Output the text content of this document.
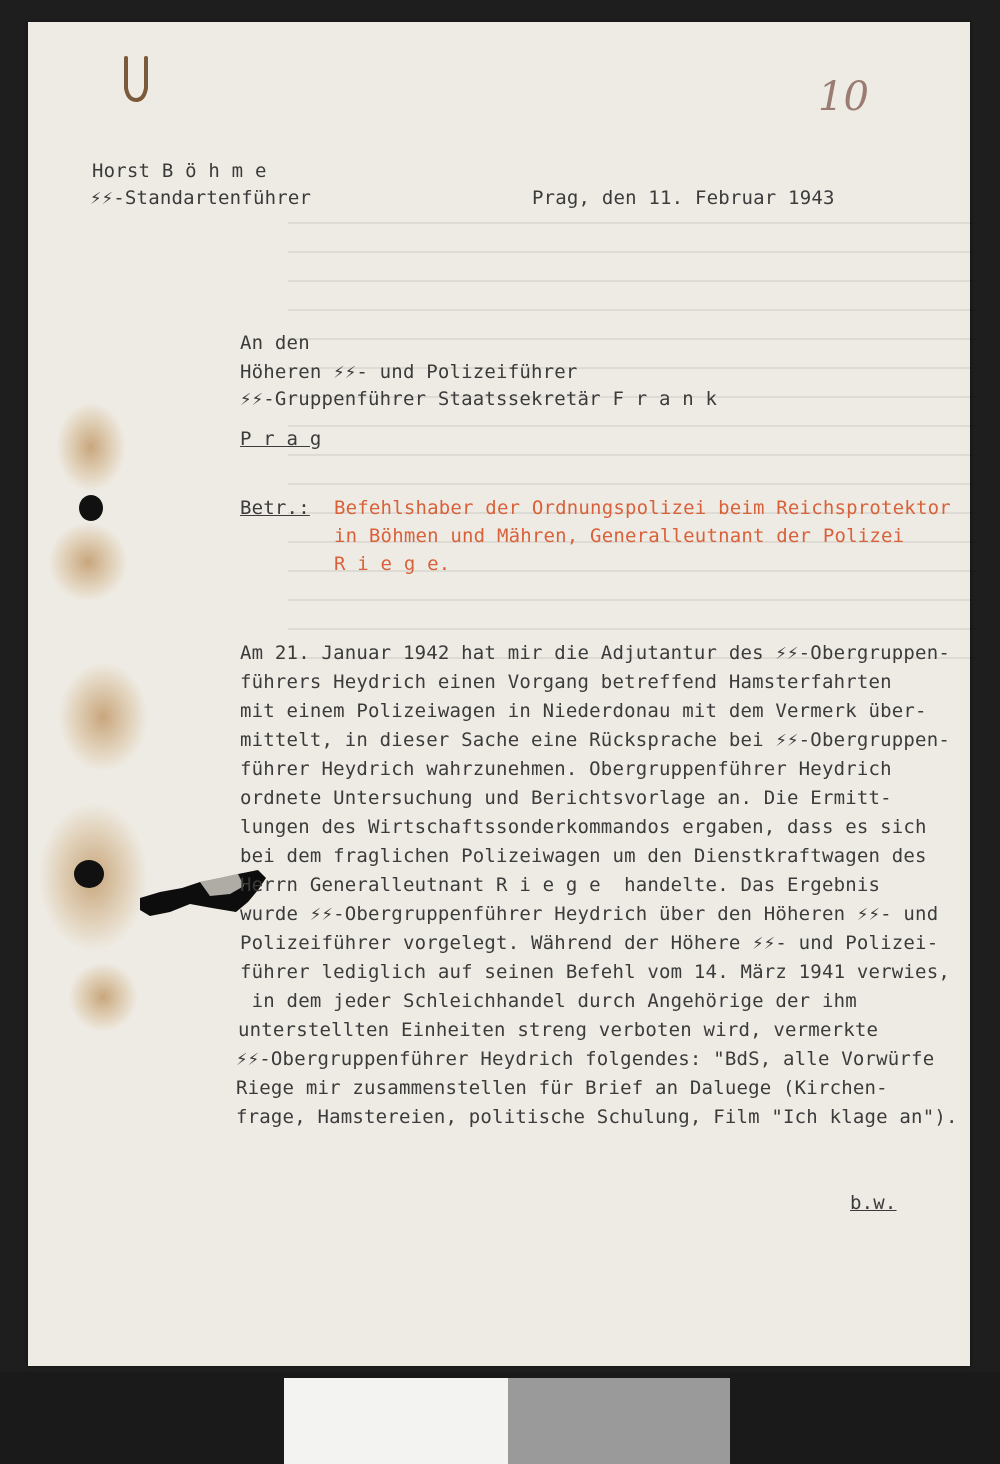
10
Horst B ö h m e
⚡⚡-Standartenführer	Prag, den 11. Februar 1943
An den
Höheren ⚡⚡- und Polizeiführer
⚡⚡-Gruppenführer Staatssekretär F r a n k
P r a g
Betr.: Befehlshaber der Ordnungspolizei beim Reichsprotektor
in Böhmen und Mähren, Generalleutnant der Polizei
R i e g e.
Am 21. Januar 1942 hat mir die Adjutantur des ⚡⚡-Obergruppen-
führers Heydrich einen Vorgang betreffend Hamsterfahrten
mit einem Polizeiwagen in Niederdonau mit dem Vermerk über-
mittelt, in dieser Sache eine Rücksprache bei ⚡⚡-Obergruppen-
führer Heydrich wahrzunehmen. Obergruppenführer Heydrich
ordnete Untersuchung und Berichtsvorlage an. Die Ermitt-
lungen des Wirtschaftssonderkommandos ergaben, dass es sich
bei dem fraglichen Polizeiwagen um den Dienstkraftwagen des
Herrn Generalleutnant R i e g e  handelte. Das Ergebnis
wurde ⚡⚡-Obergruppenführer Heydrich über den Höheren ⚡⚡- und
Polizeiführer vorgelegt. Während der Höhere ⚡⚡- und Polizei-
führer lediglich auf seinen Befehl vom 14. März 1941 verwies,
in dem jeder Schleichhandel durch Angehörige der ihm
unterstellten Einheiten streng verboten wird, vermerkte
⚡⚡-Obergruppenführer Heydrich folgendes: "BdS, alle Vorwürfe
Riege mir zusammenstellen für Brief an Daluege (Kirchen-
frage, Hamstereien, politische Schulung, Film "Ich klage an").
b.w.
